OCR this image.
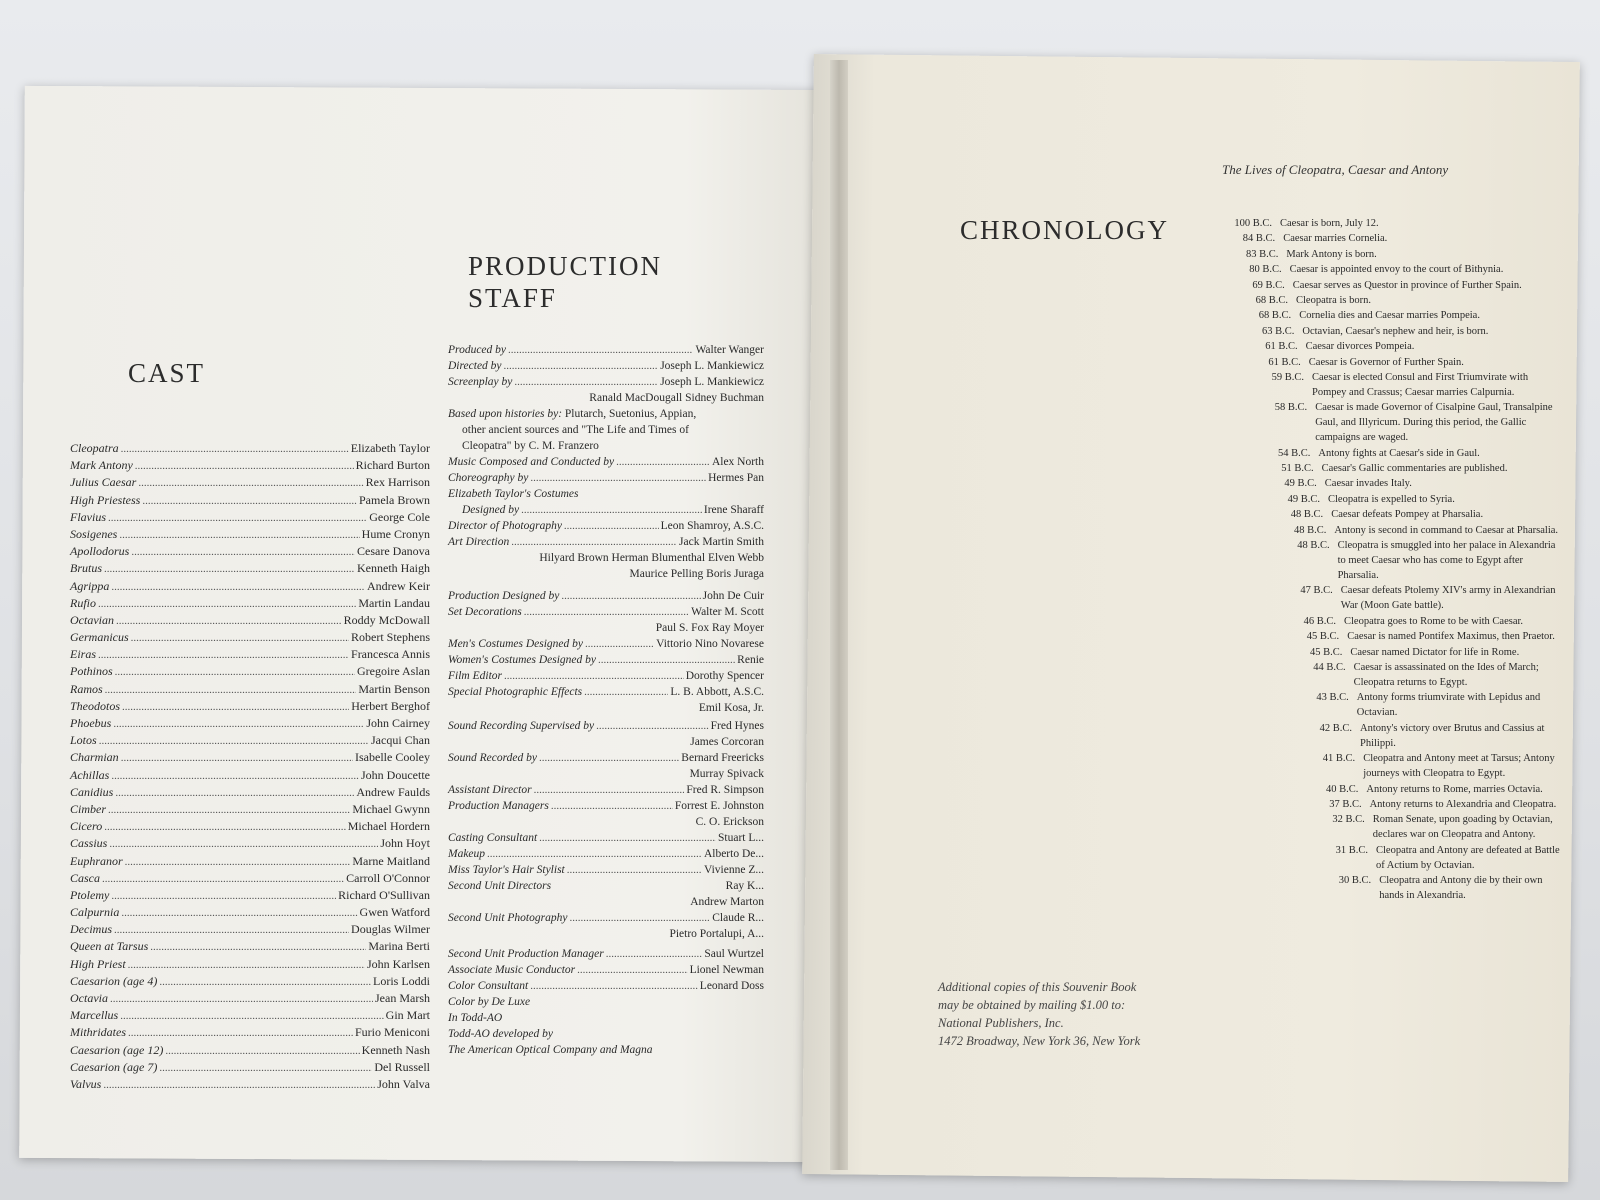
CAST
Cleopatra .....	Elizabeth Taylor
Mark Antony .....	Richard Burton
Julius Caesar .....	Rex Harrison
High Priestess .....	Pamela Brown
Flavius .....	George Cole
Sosigenes .....	Hume Cronyn
Apollodorus .....	Cesare Danova
Brutus .....	Kenneth Haigh
Agrippa .....	Andrew Keir
Rufio .....	Martin Landau
Octavian .....	Roddy McDowall
Germanicus .....	Robert Stephens
Eiras .....	Francesca Annis
Pothinos .....	Gregoire Aslan
Ramos .....	Martin Benson
Theodotos .....	Herbert Berghof
Phoebus .....	John Cairney
Lotos .....	Jacqui Chan
Charmian .....	Isabelle Cooley
Achillas .....	John Doucette
Canidius .....	Andrew Faulds
Cimber .....	Michael Gwynn
Cicero .....	Michael Hordern
Cassius .....	John Hoyt
Euphranor .....	Marne Maitland
Casca .....	Carroll O'Connor
Ptolemy .....	Richard O'Sullivan
Calpurnia .....	Gwen Watford
Decimus .....	Douglas Wilmer
Queen at Tarsus .....	Marina Berti
High Priest .....	John Karlsen
Caesarion (age 4) .....	Loris Loddi
Octavia .....	Jean Marsh
Marcellus .....	Gin Mart
Mithridates .....	Furio Meniconi
Caesarion (age 12) .....	Kenneth Nash
Caesarion (age 7) .....	Del Russell
Valvus .....	John Valva
PRODUCTION
STAFF
Produced by .....	Walter Wanger
Directed by .....	Joseph L. Mankiewicz
Screenplay by .....	Joseph L. Mankiewicz
Ranald MacDougall Sidney Buchman
Based upon histories by:
Plutarch, Suetonius, Appian,
other ancient sources and "The Life and Times of
Cleopatra" by C. M. Franzero
Music Composed and Conducted by .....	Alex North
Choreography by .....	Hermes Pan
Elizabeth Taylor's Costumes
Designed by .....	Irene Sharaff
Director of Photography .....	Leon Shamroy, A.S.C.
Art Direction .....	Jack Martin Smith
Hilyard Brown Herman Blumenthal Elven Webb
Maurice Pelling Boris Juraga
Production Designed by .....	John De Cuir
Set Decorations .....	Walter M. Scott
Paul S. Fox Ray Moyer
Men's Costumes Designed by .....	Vittorio Nino Novarese
Women's Costumes Designed by .....	Renie
Film Editor .....	Dorothy Spencer
Special Photographic Effects .....	L. B. Abbott, A.S.C.
Emil Kosa, Jr.
Sound Recording Supervised by .....	Fred Hynes
James Corcoran
Sound Recorded by .....	Bernard Freericks
Murray Spivack
Assistant Director .....	Fred R. Simpson
Production Managers .....	Forrest E. Johnston
C. O. Erickson
Casting Consultant .....	Stuart L...
Makeup .....	Alberto De...
Miss Taylor's Hair Stylist .....	Vivienne Z...
Second Unit Directors	Ray K...
Andrew Marton
Second Unit Photography .....	Claude R...
Pietro Portalupi, A...
Second Unit Production Manager .....	Saul Wurtzel
Associate Music Conductor .....	Lionel Newman
Color Consultant .....	Leonard Doss
Color by De Luxe
In Todd-AO
Todd-AO developed by
The American Optical Company and Magna
The Lives of Cleopatra, Caesar and Antony
CHRONOLOGY	100 B.C. Caesar is born, July 12.
84 B.C. Caesar marries Cornelia.
83 B.C. Mark Antony is born.
80 B.C. Caesar is appointed envoy to the court of Bithynia.
69 B.C. Caesar serves as Questor in province of Further Spain.
68 B.C. Cleopatra is born.
68 B.C. Cornelia dies and Caesar marries Pompeia.
63 B.C. Octavian, Caesar's nephew and heir, is born.
61 B.C. Caesar divorces Pompeia.
61 B.C. Caesar is Governor of Further Spain.
59 B.C. Caesar is elected Consul and First Triumvirate with Pompey and Crassus; Caesar marries Calpurnia.
58 B.C. Caesar is made Governor of Cisalpine Gaul, Transalpine Gaul, and Illyricum. During this period, the Gallic campaigns are waged.
54 B.C. Antony fights at Caesar's side in Gaul.
51 B.C. Caesar's Gallic commentaries are published.
49 B.C. Caesar invades Italy.
49 B.C. Cleopatra is expelled to Syria.
48 B.C. Caesar defeats Pompey at Pharsalia.
48 B.C. Antony is second in command to Caesar at Pharsalia.
48 B.C. Cleopatra is smuggled into her palace in Alexandria to meet Caesar who has come to Egypt after Pharsalia.
47 B.C. Caesar defeats Ptolemy XIV's army in Alexandrian War (Moon Gate battle).
46 B.C. Cleopatra goes to Rome to be with Caesar.
45 B.C. Caesar is named Pontifex Maximus, then Praetor.
45 B.C. Caesar named Dictator for life in Rome.
44 B.C. Caesar is assassinated on the Ides of March; Cleopatra returns to Egypt.
43 B.C. Antony forms triumvirate with Lepidus and Octavian.
42 B.C. Antony's victory over Brutus and Cassius at Philippi.
41 B.C. Cleopatra and Antony meet at Tarsus; Antony journeys with Cleopatra to Egypt.
40 B.C. Antony returns to Rome, marries Octavia.
37 B.C. Antony returns to Alexandria and Cleopatra.
32 B.C. Roman Senate, upon goading by Octavian, declares war on Cleopatra and Antony.
31 B.C. Cleopatra and Antony are defeated at Battle of Actium by Octavian.
30 B.C. Cleopatra and Antony die by their own hands in Alexandria.
Additional copies of this Souvenir Book
may be obtained by mailing $1.00 to:
National Publishers, Inc.
1472 Broadway, New York 36, New York
